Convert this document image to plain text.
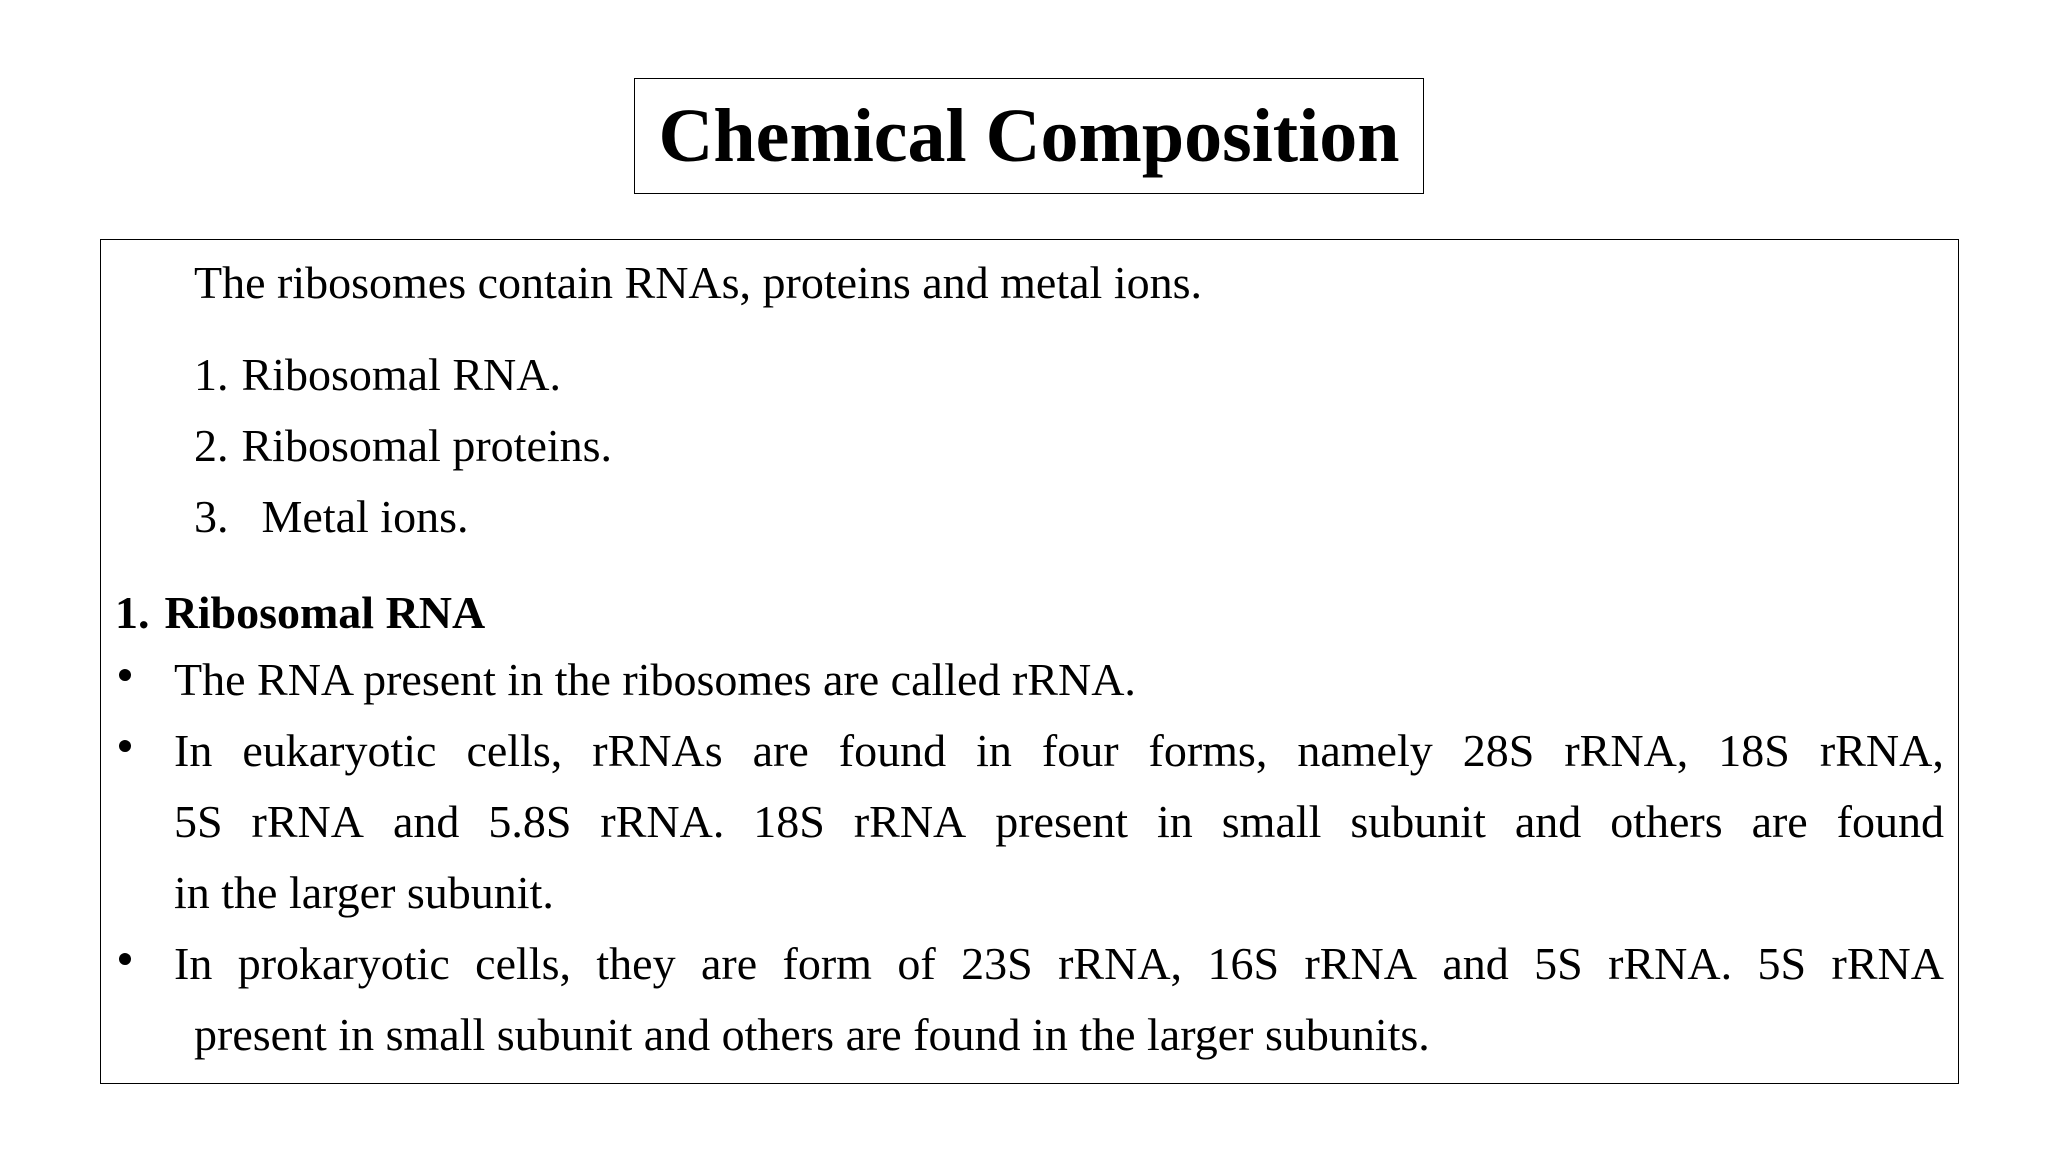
Chemical Composition
The ribosomes contain RNAs, proteins and metal ions.
1. Ribosomal RNA.
2. Ribosomal proteins.
3. Metal ions.
1. Ribosomal RNA
The RNA present in the ribosomes are called rRNA.
In eukaryotic cells, rRNAs are found in four forms, namely 28S rRNA, 18S rRNA,
5S rRNA and 5.8S rRNA. 18S rRNA present in small subunit and others are found
in the larger subunit.
In prokaryotic cells, they are form of 23S rRNA, 16S rRNA and 5S rRNA. 5S rRNA
present in small subunit and others are found in the larger subunits.
